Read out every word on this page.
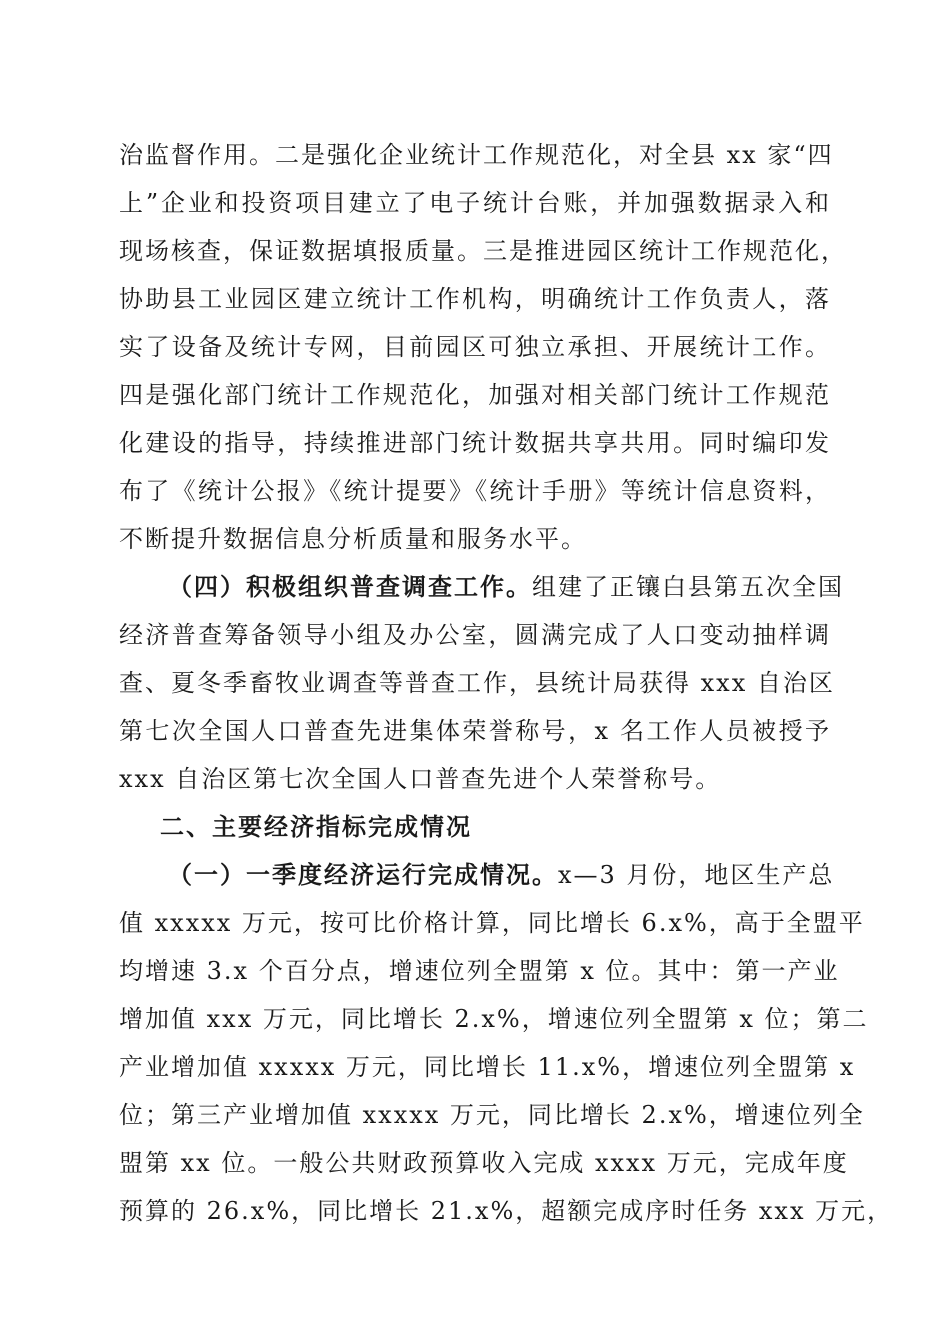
治监督作用。二是强化企业统计工作规范化，对全县 xx 家“四
上”企业和投资项目建立了电子统计台账，并加强数据录入和
现场核查，保证数据填报质量。三是推进园区统计工作规范化，
协助县工业园区建立统计工作机构，明确统计工作负责人，落
实了设备及统计专网，目前园区可独立承担、开展统计工作。
四是强化部门统计工作规范化，加强对相关部门统计工作规范
化建设的指导，持续推进部门统计数据共享共用。同时编印发
布了《统计公报》《统计提要》《统计手册》等统计信息资料，
不断提升数据信息分析质量和服务水平。
（四）积极组织普查调查工作。组建了正镶白县第五次全国
经济普查筹备领导小组及办公室，圆满完成了人口变动抽样调
查、夏冬季畜牧业调查等普查工作，县统计局获得 xxx 自治区
第七次全国人口普查先进集体荣誉称号，x 名工作人员被授予
xxx 自治区第七次全国人口普查先进个人荣誉称号。
二、主要经济指标完成情况
（一）一季度经济运行完成情况。x—3 月份，地区生产总
值 xxxxx 万元，按可比价格计算，同比增长 6.x%，高于全盟平
均增速 3.x 个百分点，增速位列全盟第 x 位。其中：第一产业
增加值 xxx 万元，同比增长 2.x%，增速位列全盟第 x 位；第二
产业增加值 xxxxx 万元，同比增长 11.x%，增速位列全盟第 x
位；第三产业增加值 xxxxx 万元，同比增长 2.x%，增速位列全
盟第 xx 位。一般公共财政预算收入完成 xxxx 万元，完成年度
预算的 26.x%，同比增长 21.x%，超额完成序时任务 xxx 万元，
